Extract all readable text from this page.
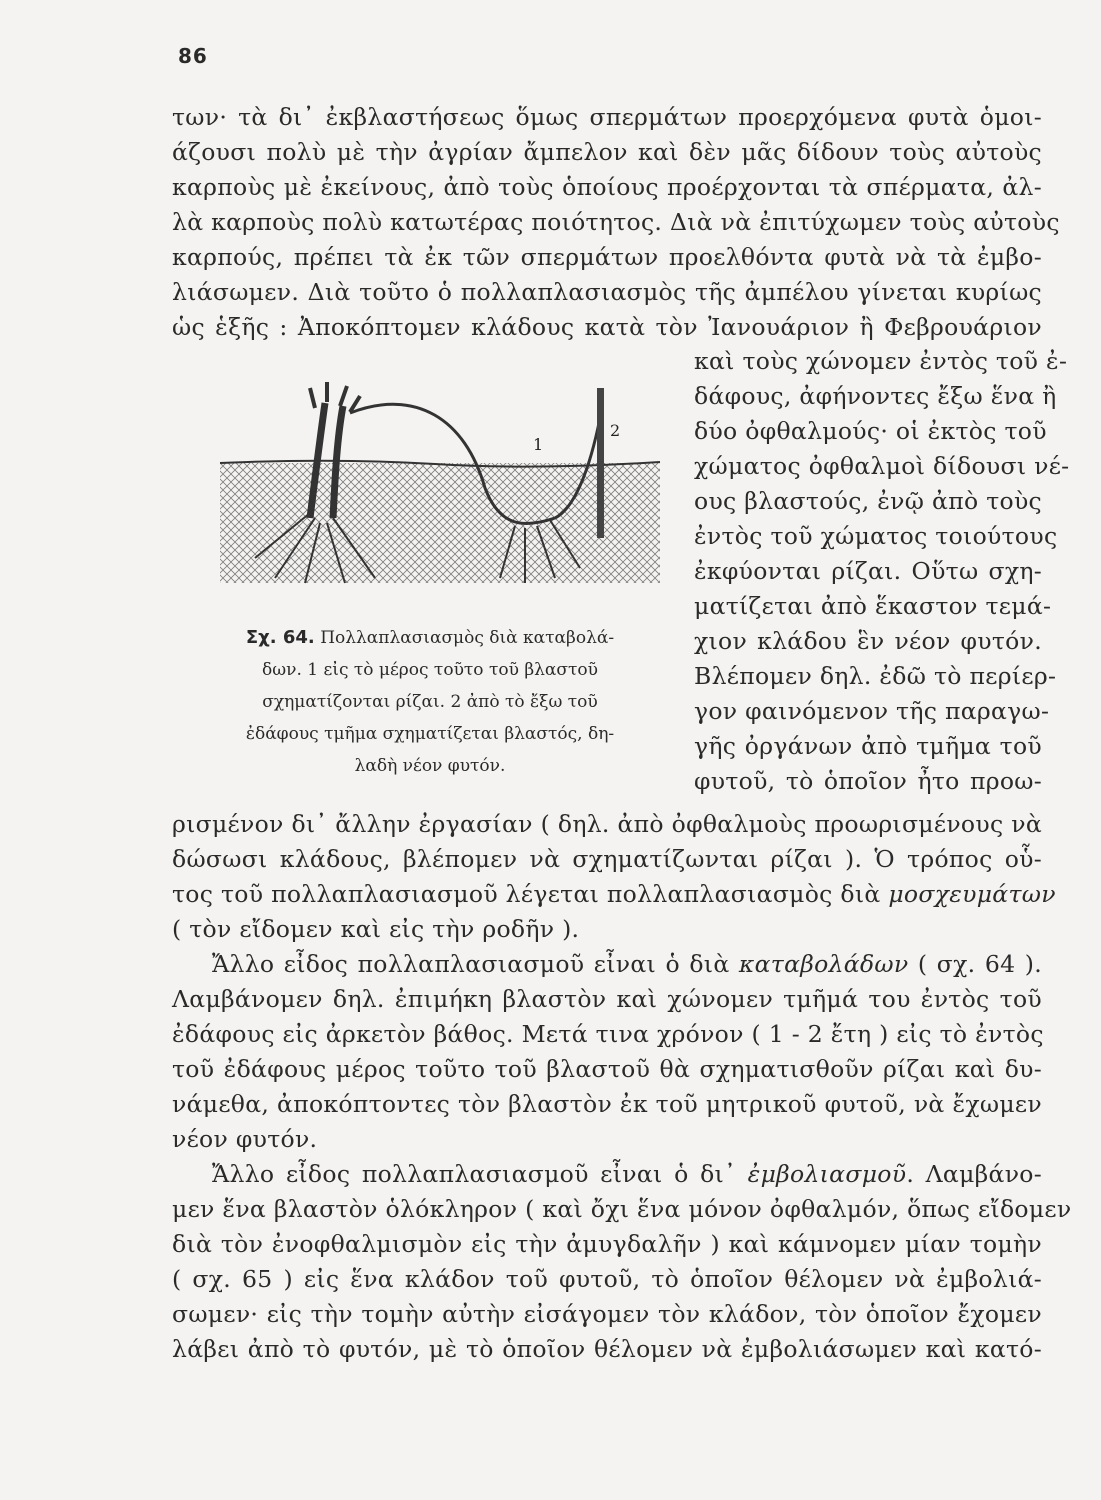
86
των· τὰ δι᾽ ἐκβλαστήσεως ὅμως σπερμάτων προερχόμενα φυτὰ ὁμοι-
άζουσι πολὺ μὲ τὴν ἀγρίαν ἄμπελον καὶ δὲν μᾶς δίδουν τοὺς αὐτοὺς
καρποὺς μὲ ἐκείνους, ἀπὸ τοὺς ὁποίους προέρχονται τὰ σπέρματα, ἀλ-
λὰ καρποὺς πολὺ κατωτέρας ποιότητος. Διὰ νὰ ἐπιτύχωμεν τοὺς αὐτοὺς
καρπούς, πρέπει τὰ ἐκ τῶν σπερμάτων προελθόντα φυτὰ νὰ τὰ ἐμβο-
λιάσωμεν. Διὰ τοῦτο ὁ πολλαπλασιασμὸς τῆς ἀμπέλου γίνεται κυρίως
ὡς ἑξῆς : Ἀποκόπτομεν κλάδους κατὰ τὸν Ἰανουάριον ἢ Φεβρουάριον
1
2
καὶ τοὺς χώνομεν ἐντὸς τοῦ ἐ-
δάφους, ἀφήνοντες ἔξω ἕνα ἢ
δύο ὀφθαλμούς· οἱ ἐκτὸς τοῦ
χώματος ὀφθαλμοὶ δίδουσι νέ-
ους βλαστούς, ἐνῷ ἀπὸ τοὺς
ἐντὸς τοῦ χώματος τοιούτους
ἐκφύονται ρίζαι. Οὕτω σχη-
ματίζεται ἀπὸ ἕκαστον τεμά-
χιον κλάδου ἓν νέον φυτόν.
Βλέπομεν δηλ. ἐδῶ τὸ περίερ-
γον φαινόμενον τῆς παραγω-
γῆς ὀργάνων ἀπὸ τμῆμα τοῦ
φυτοῦ, τὸ ὁποῖον ἦτο προω-
Σχ. 64. Πολλαπλασιασμὸς διὰ καταβολά-
δων. 1 εἰς τὸ μέρος τοῦτο τοῦ βλαστοῦ
σχηματίζονται ρίζαι. 2 ἀπὸ τὸ ἔξω τοῦ
ἐδάφους τμῆμα σχηματίζεται βλαστός, δη-
λαδὴ νέον φυτόν.
ρισμένον δι᾽ ἄλλην ἐργασίαν ( δηλ. ἀπὸ ὀφθαλμοὺς προωρισμένους νὰ
δώσωσι κλάδους, βλέπομεν νὰ σχηματίζωνται ρίζαι ). Ὁ τρόπος οὗ-
τος τοῦ πολλαπλασιασμοῦ λέγεται πολλαπλασιασμὸς διὰ μοσχευμάτων
( τὸν εἴδομεν καὶ εἰς τὴν ροδῆν ).
Ἄλλο εἶδος πολλαπλασιασμοῦ εἶναι ὁ διὰ καταβολάδων ( σχ. 64 ).
Λαμβάνομεν δηλ. ἐπιμήκη βλαστὸν καὶ χώνομεν τμῆμά του ἐντὸς τοῦ
ἐδάφους εἰς ἀρκετὸν βάθος. Μετά τινα χρόνον ( 1 - 2 ἔτη ) εἰς τὸ ἐντὸς
τοῦ ἐδάφους μέρος τοῦτο τοῦ βλαστοῦ θὰ σχηματισθοῦν ρίζαι καὶ δυ-
νάμεθα, ἀποκόπτοντες τὸν βλαστὸν ἐκ τοῦ μητρικοῦ φυτοῦ, νὰ ἔχωμεν
νέον φυτόν.
Ἄλλο εἶδος πολλαπλασιασμοῦ εἶναι ὁ δι᾽ ἐμβολιασμοῦ. Λαμβάνο-
μεν ἕνα βλαστὸν ὁλόκληρον ( καὶ ὄχι ἕνα μόνον ὀφθαλμόν, ὅπως εἴδομεν
διὰ τὸν ἐνοφθαλμισμὸν εἰς τὴν ἀμυγδαλῆν ) καὶ κάμνομεν μίαν τομὴν
( σχ. 65 ) εἰς ἕνα κλάδον τοῦ φυτοῦ, τὸ ὁποῖον θέλομεν νὰ ἐμβολιά-
σωμεν· εἰς τὴν τομὴν αὐτὴν εἰσάγομεν τὸν κλάδον, τὸν ὁποῖον ἔχομεν
λάβει ἀπὸ τὸ φυτόν, μὲ τὸ ὁποῖον θέλομεν νὰ ἐμβολιάσωμεν καὶ κατό-
